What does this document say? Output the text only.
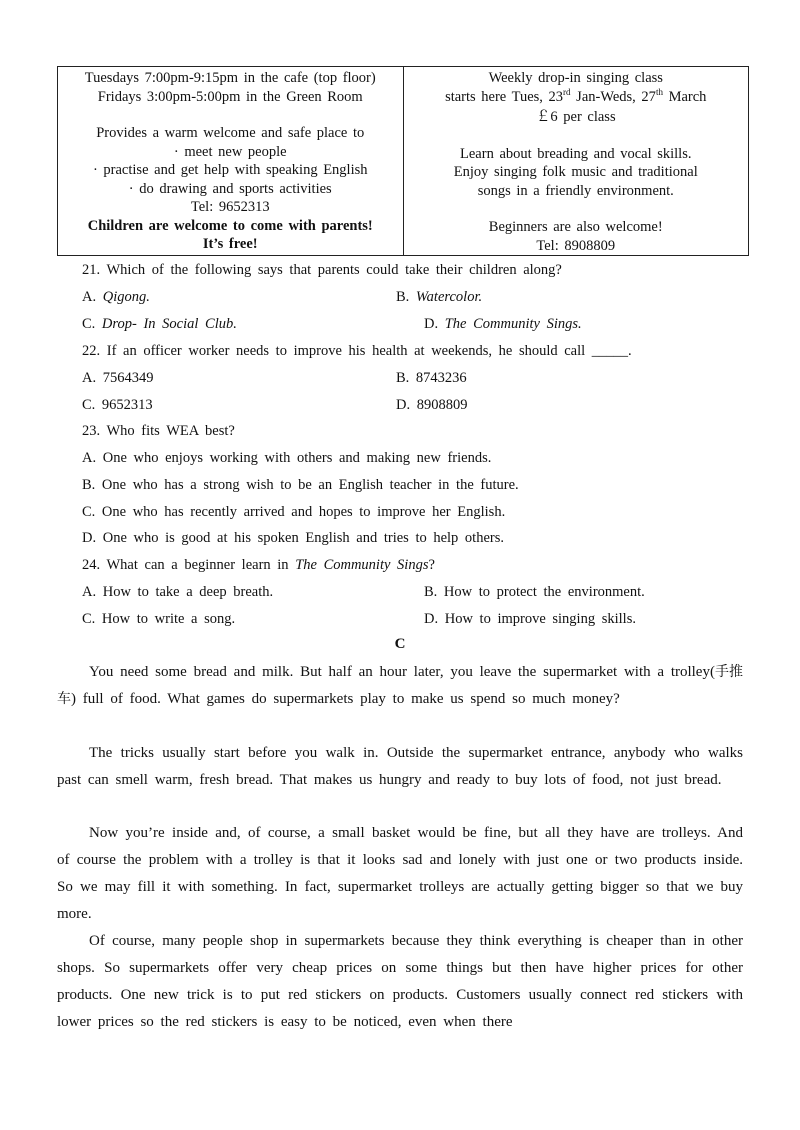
Tuesdays 7:00pm-9:15pm in the cafe (top floor)
Fridays 3:00pm-5:00pm in the Green Room
Provides a warm welcome and safe place to
· meet new people
· practise and get help with speaking English
· do drawing and sports activities
Tel: 9652313
Children are welcome to come with parents!
It’s free!
Weekly drop-in singing class
starts here Tues, 23rd Jan-Weds, 27th March
￡6 per class
Learn about breading and vocal skills.
Enjoy singing folk music and traditional
songs in a friendly environment.
Beginners are also welcome!
Tel: 8908809
21. Which of the following says that parents could take their children along?
A. Qigong.	B. Watercolor.
C. Drop- In Social Club.	D. The Community Sings.
22. If an officer worker needs to improve his health at weekends, he should call _____.
A. 7564349	B. 8743236
C. 9652313	D. 8908809
23. Who fits WEA best?
A. One who enjoys working with others and making new friends.
B. One who has a strong wish to be an English teacher in the future.
C. One who has recently arrived and hopes to improve her English.
D. One who is good at his spoken English and tries to help others.
24. What can a beginner learn in The Community Sings?
A. How to take a deep breath.	B. How to protect the environment.
C. How to write a song.	D. How to improve singing skills.
C
You need some bread and milk. But half an hour later, you leave the supermarket with a trolley(手推车) full of food. What games do supermarkets play to make us spend so much money?
The tricks usually start before you walk in. Outside the supermarket entrance, anybody who walks past can smell warm, fresh bread. That makes us hungry and ready to buy lots of food, not just bread.
Now you’re inside and, of course, a small basket would be fine, but all they have are trolleys. And of course the problem with a trolley is that it looks sad and lonely with just one or two products inside. So we may fill it with something. In fact, supermarket trolleys are actually getting bigger so that we buy more.
Of course, many people shop in supermarkets because they think everything is cheaper than in other shops. So supermarkets offer very cheap prices on some things but then have higher prices for other products. One new trick is to put red stickers on products. Customers usually connect red stickers with lower prices so the red stickers is easy to be noticed, even when there
